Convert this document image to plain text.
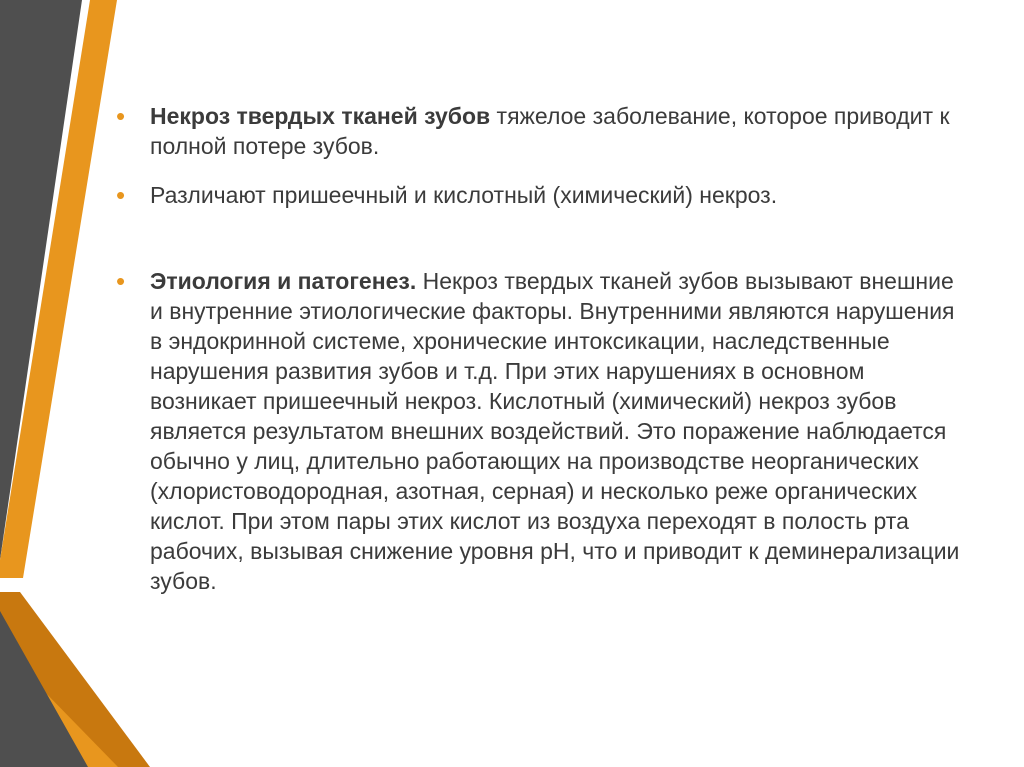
• Некроз твердых тканей зубов тяжелое заболевание, которое приводит к полной потере зубов.

• Различают пришеечный и кислотный (химический) некроз.

• Этиология и патогенез. Некроз твердых тканей зубов вызывают внешние и внутренние этиологические факторы. Внутренними являются нарушения в эндокринной системе, хронические интоксикации, наследственные нарушения развития зубов и т.д. При этих нарушениях в основном возникает пришеечный некроз. Кислотный (химический) некроз зубов является результатом внешних воздействий. Это поражение наблюдается обычно у лиц, длительно работающих на производстве неорганических (хлористоводородная, азотная, серная) и несколько реже органических кислот. При этом пары этих кислот из воздуха переходят в полость рта рабочих, вызывая снижение уровня рН, что и приводит к деминерализации зубов.
